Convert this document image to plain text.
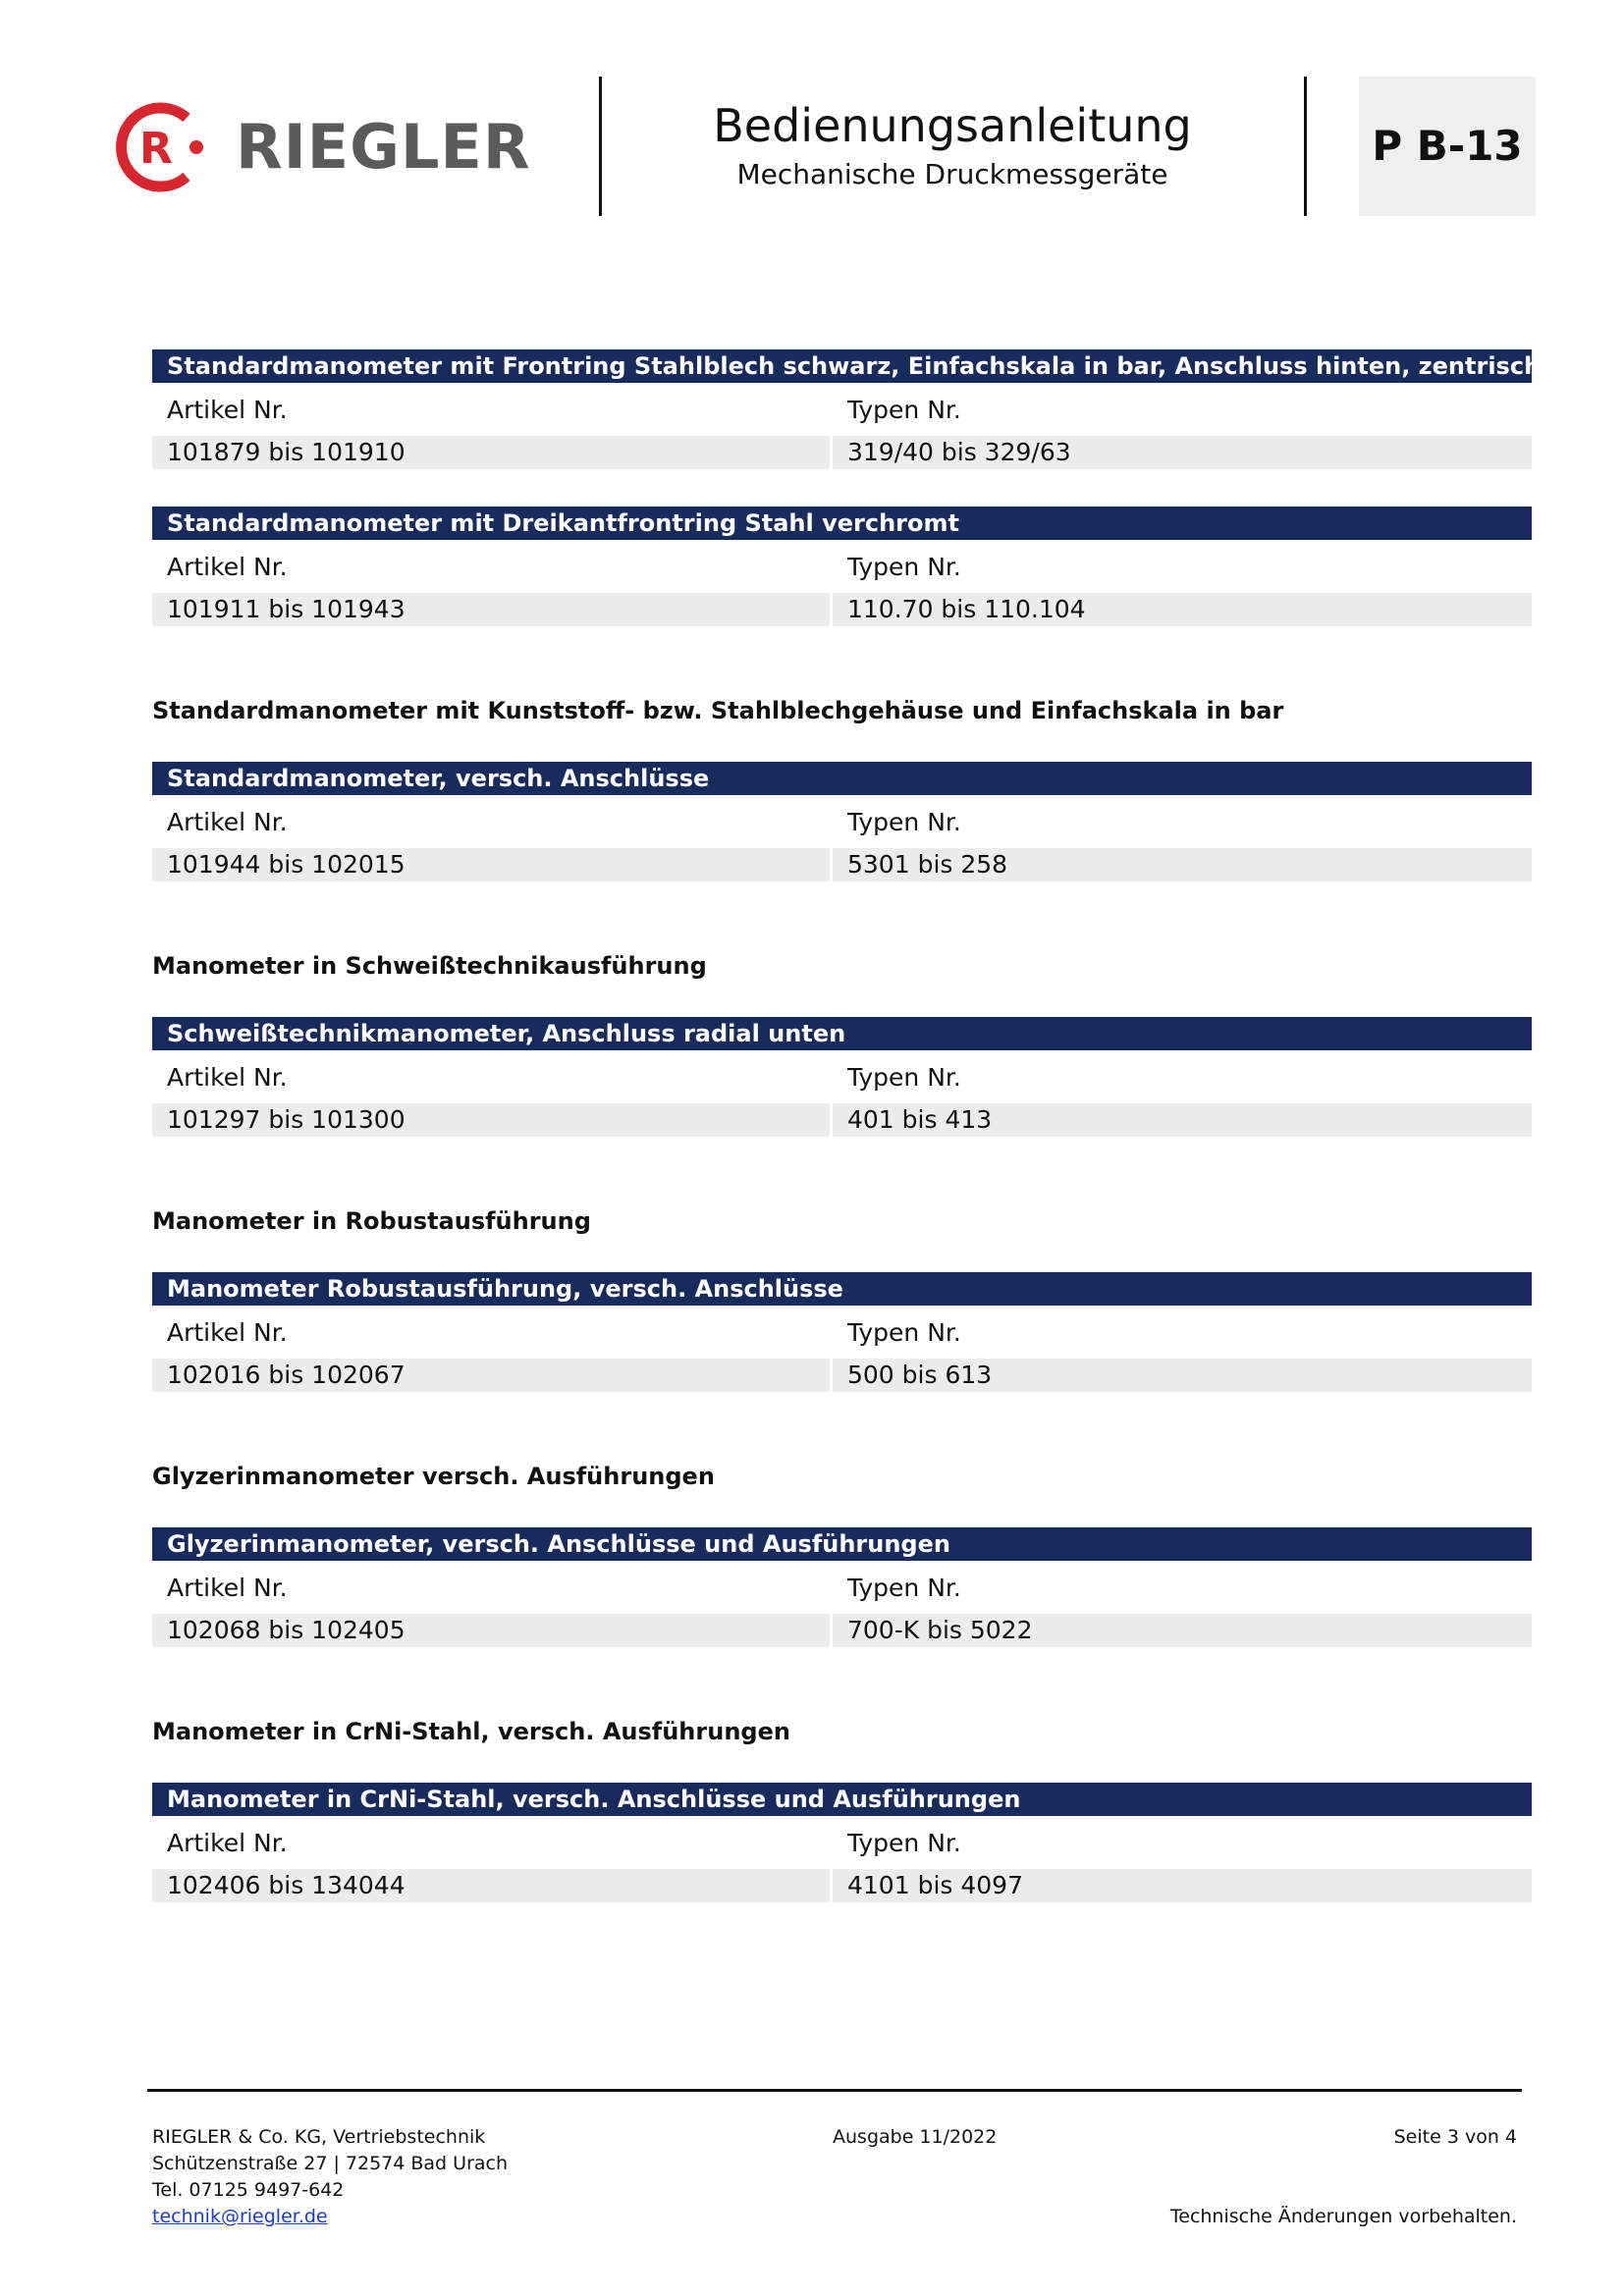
R RIEGLER	Bedienungsanleitung
Mechanische Druckmessgeräte
P B-13
Standardmanometer mit Frontring Stahlblech schwarz, Einfachskala in bar, Anschluss hinten, zentrisch
Artikel Nr.	Typen Nr.
101879 bis 101910	319/40 bis 329/63
Standardmanometer mit Dreikantfrontring Stahl verchromt
Artikel Nr.	Typen Nr.
101911 bis 101943	110.70 bis 110.104
Standardmanometer mit Kunststoff- bzw. Stahlblechgehäuse und Einfachskala in bar
Standardmanometer, versch. Anschlüsse
Artikel Nr.	Typen Nr.
101944 bis 102015	5301 bis 258
Manometer in Schweißtechnikausführung
Schweißtechnikmanometer, Anschluss radial unten
Artikel Nr.	Typen Nr.
101297 bis 101300	401 bis 413
Manometer in Robustausführung
Manometer Robustausführung, versch. Anschlüsse
Artikel Nr.	Typen Nr.
102016 bis 102067	500 bis 613
Glyzerinmanometer versch. Ausführungen
Glyzerinmanometer, versch. Anschlüsse und Ausführungen
Artikel Nr.	Typen Nr.
102068 bis 102405	700-K bis 5022
Manometer in CrNi-Stahl, versch. Ausführungen
Manometer in CrNi-Stahl, versch. Anschlüsse und Ausführungen
Artikel Nr.	Typen Nr.
102406 bis 134044	4101 bis 4097
RIEGLER & Co. KG, Vertriebstechnik
Schützenstraße 27 | 72574 Bad Urach
Tel. 07125 9497-642
technik@riegler.de
Ausgabe 11/2022	Seite 3 von 4
Technische Änderungen vorbehalten.
